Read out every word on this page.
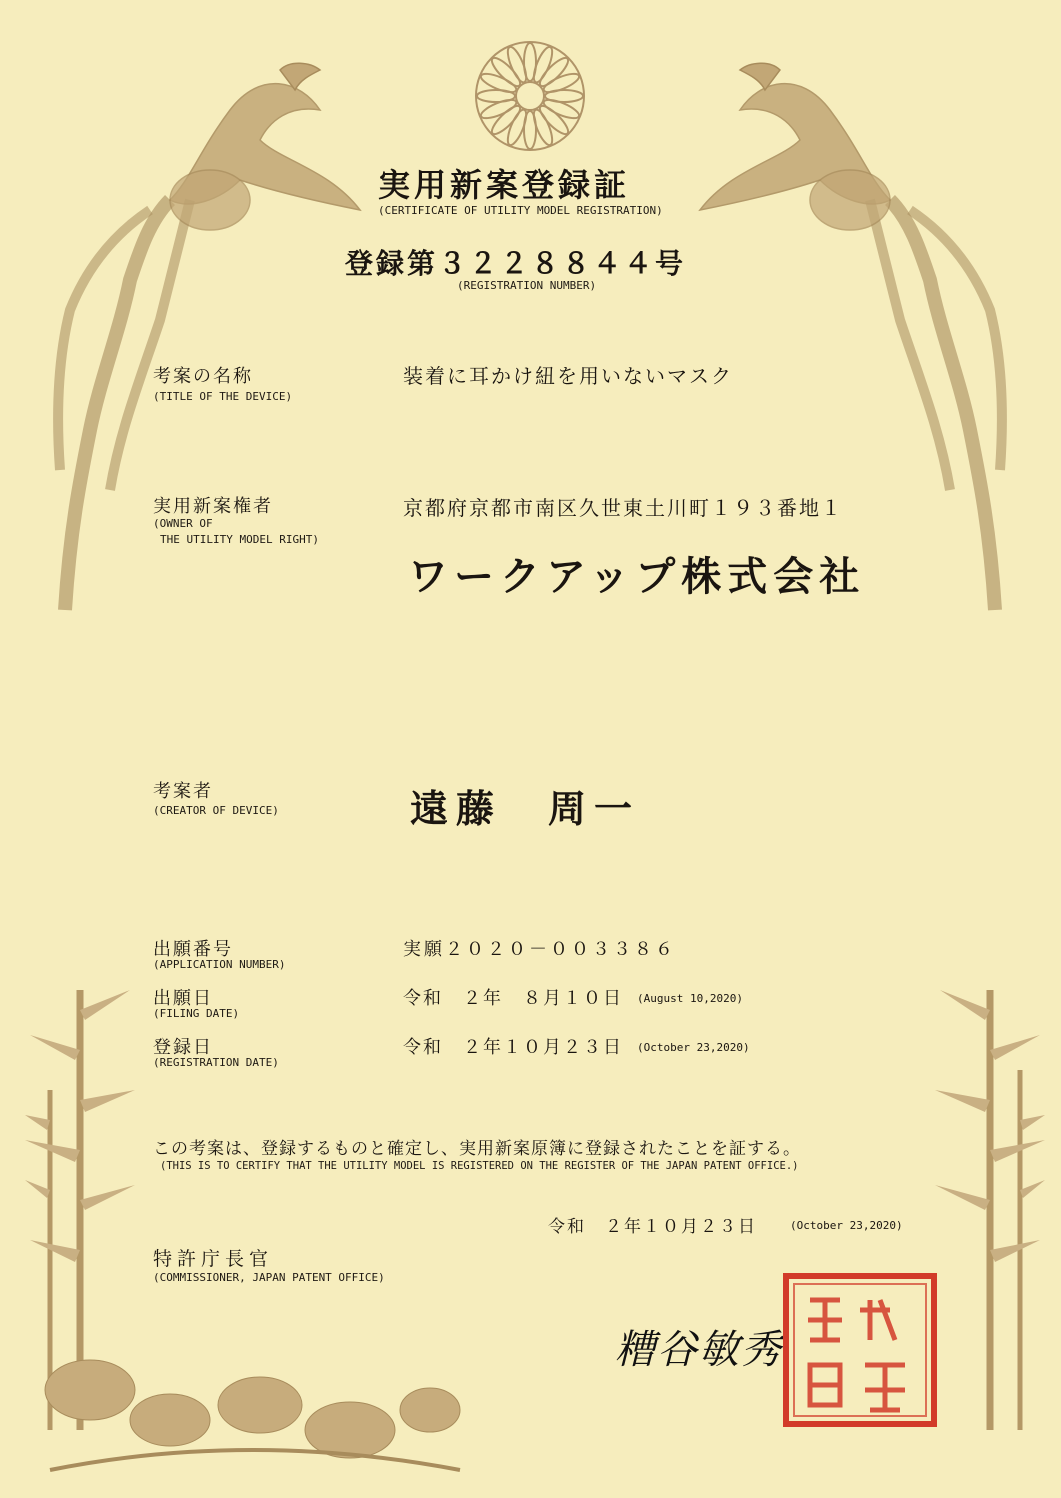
実用新案登録証
(CERTIFICATE OF UTILITY MODEL REGISTRATION)
登録第３２２８８４４号
(REGISTRATION NUMBER)
考案の名称
(TITLE OF THE DEVICE)
装着に耳かけ紐を用いないマスク
実用新案権者
(OWNER OF
THE UTILITY MODEL RIGHT)
京都府京都市南区久世東土川町１９３番地１
ワークアップ株式会社
考案者
(CREATOR OF DEVICE)	遠藤　周一
出願番号
(APPLICATION NUMBER)
実願２０２０－００３３８６
出願日
(FILING DATE)
令和　２年　８月１０日 (August 10,2020)
登録日
(REGISTRATION DATE)
令和　２年１０月２３日 (October 23,2020)
この考案は、登録するものと確定し、実用新案原簿に登録されたことを証する。
(THIS IS TO CERTIFY THAT THE UTILITY MODEL IS REGISTERED ON THE REGISTER OF THE JAPAN PATENT OFFICE.)
令和　２年１０月２３日	(October 23,2020)
特許庁長官
(COMMISSIONER, JAPAN PATENT OFFICE)
糟谷敏秀
